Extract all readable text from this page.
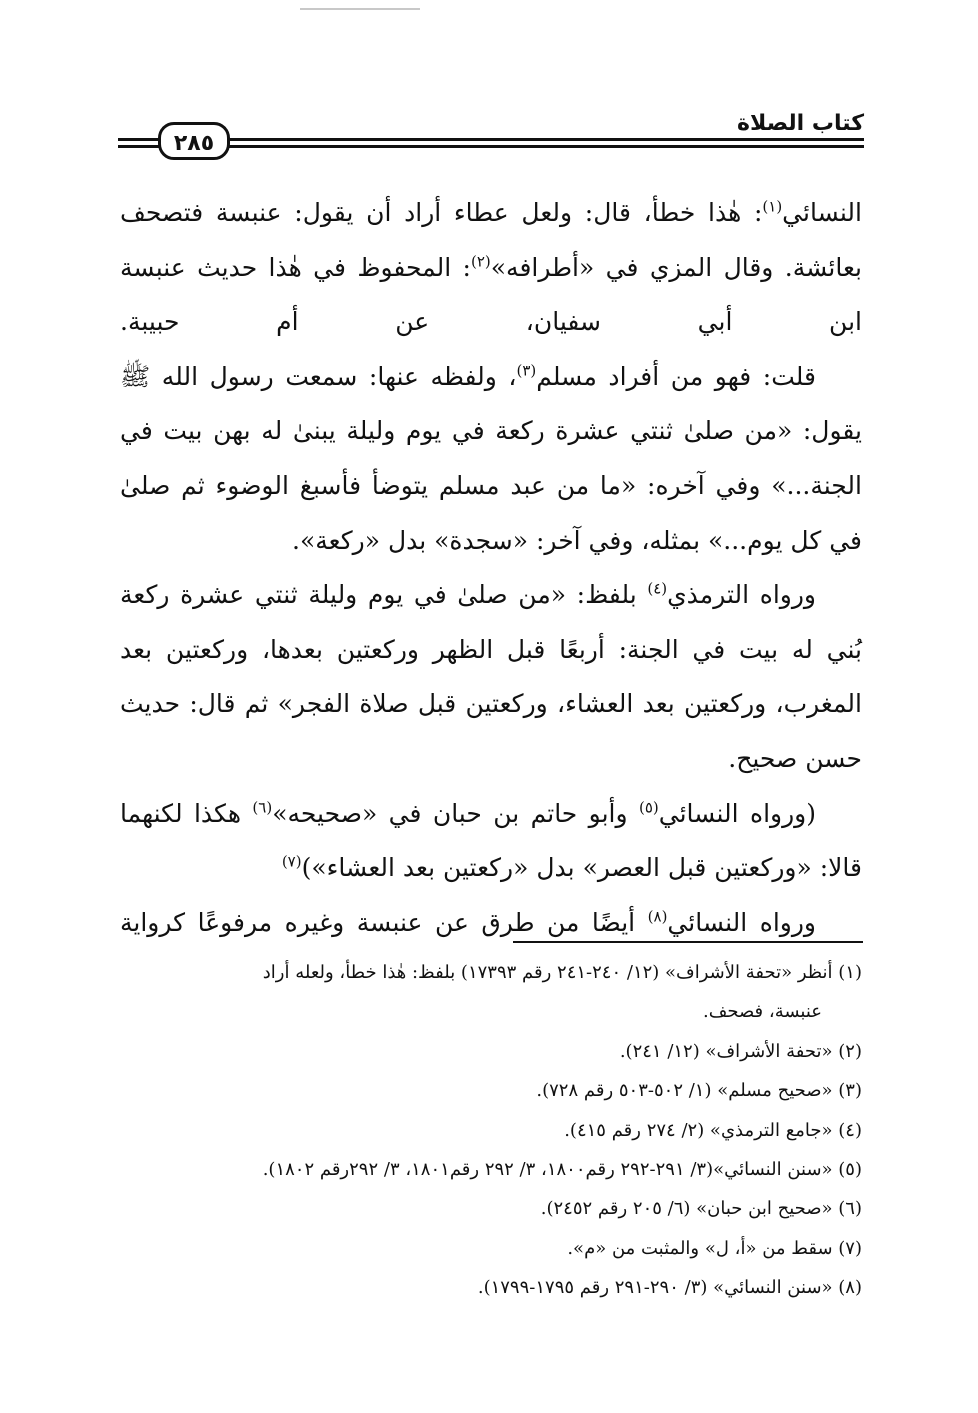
كتاب الصلاة
٢٨٥

النسائي$^{(١)}$: هٰذا خطأ، قال: ولعل عطاء أراد أن يقول: عنبسة فتصحف بعائشة. وقال المزي في «أطرافه»$^{(٢)}$: المحفوظ في هٰذا حديث عنبسة ابن أبي سفيان، عن أم حبيبة.

قلت: فهو من أفراد مسلم$^{(٣)}$، ولفظه عنها: سمعت رسول الله ﷺ يقول: «من صلىٰ ثنتي عشرة ركعة في يوم وليلة يبنىٰ له بهن بيت في الجنة...» وفي آخره: «ما من عبد مسلم يتوضأ فأسبغ الوضوء ثم صلىٰ في كل يوم...» بمثله، وفي آخر: «سجدة» بدل «ركعة».

ورواه الترمذي$^{(٤)}$ بلفظ: «من صلىٰ في يوم وليلة ثنتي عشرة ركعة بُني له بيت في الجنة: أربعًا قبل الظهر وركعتين بعدها، وركعتين بعد المغرب، وركعتين بعد العشاء، وركعتين قبل صلاة الفجر» ثم قال: حديث حسن صحيح.

(ورواه النسائي$^{(٥)}$ وأبو حاتم بن حبان في «صحيحه»$^{(٦)}$ هكذا لكنهما قالا: «وركعتين قبل العصر» بدل «ركعتين بعد العشاء»)$^{(٧)}$

ورواه النسائي$^{(٨)}$ أيضًا من طرق عن عنبسة وغيره مرفوعًا كرواية

(١) أنظر «تحفة الأشراف» (١٢/ ٢٤٠-٢٤١ رقم ١٧٣٩٣) بلفظ: هٰذا خطأ، ولعله أراد

عنبسة، فصحف.

(٢) «تحفة الأشراف» (١٢/ ٢٤١).

(٣) «صحيح مسلم» (١/ ٥٠٢-٥٠٣ رقم ٧٢٨).

(٤) «جامع الترمذي» (٢/ ٢٧٤ رقم ٤١٥).

(٥) «سنن النسائي»(٣/ ٢٩١-٢٩٢ رقم١٨٠٠، ٣/ ٢٩٢ رقم١٨٠١، ٣/ ٢٩٢رقم ١٨٠٢).

(٦) «صحيح ابن حبان» (٦/ ٢٠٥ رقم ٢٤٥٢).

(٧) سقط من «أ، ل» والمثبت من «م».

(٨) «سنن النسائي» (٣/ ٢٩٠-٢٩١ رقم ١٧٩٥-١٧٩٩).
